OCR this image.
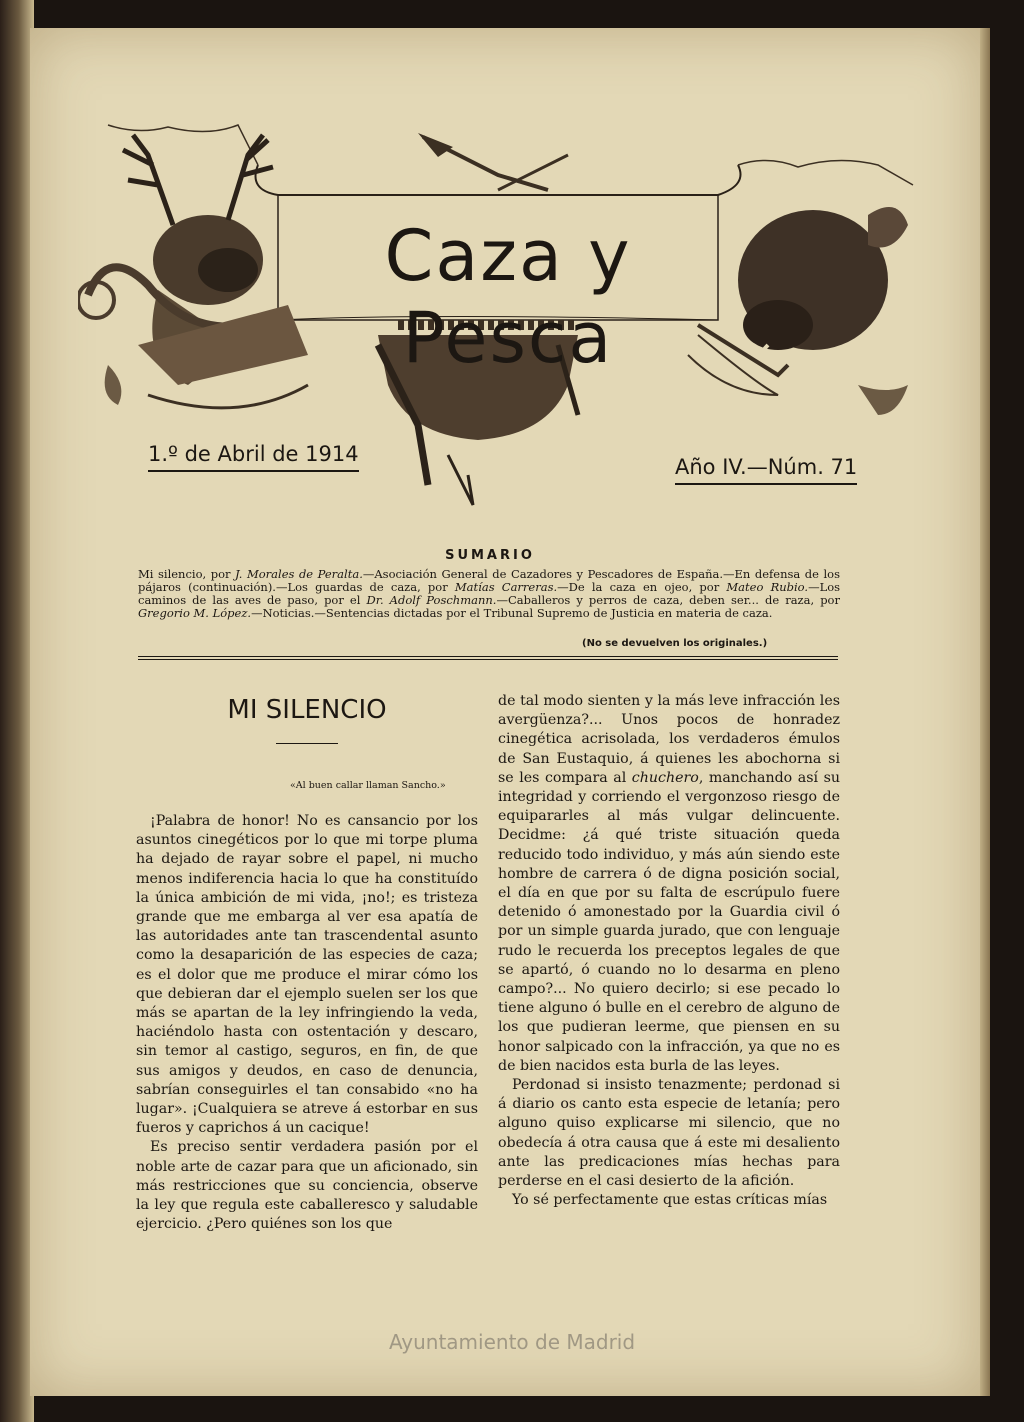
Caza y Pesca
1.º de Abril de 1914
Año IV.—Núm. 71
SUMARIO
Mi silencio, por J. Morales de Peralta.—Asociación General de Cazadores y Pescadores de España.—En defensa de los pájaros (continuación).—Los guardas de caza, por Matías Carreras.—De la caza en ojeo, por Mateo Rubio.—Los caminos de las aves de paso, por el Dr. Adolf Poschmann.—Caballeros y perros de caza, deben ser... de raza, por Gregorio M. López.—Noticias.—Sentencias dictadas por el Tribunal Supremo de Justicia en materia de caza.
(No se devuelven los originales.)
MI SILENCIO
«Al buen callar llaman Sancho.»

¡Palabra de honor! No es cansancio por los asuntos cinegéticos por lo que mi torpe pluma ha dejado de rayar sobre el papel, ni mucho menos indiferencia hacia lo que ha constituído la única ambición de mi vida, ¡no!; es tristeza grande que me embarga al ver esa apatía de las autoridades ante tan trascendental asunto como la desaparición de las especies de caza; es el dolor que me produce el mirar cómo los que debieran dar el ejemplo suelen ser los que más se apartan de la ley infringiendo la veda, haciéndolo hasta con ostentación y descaro, sin temor al castigo, seguros, en fin, de que sus amigos y deudos, en caso de denuncia, sabrían conseguirles el tan consabido «no ha lugar». ¡Cualquiera se atreve á estorbar en sus fueros y caprichos á un cacique!

Es preciso sentir verdadera pasión por el noble arte de cazar para que un aficionado, sin más restricciones que su conciencia, observe la ley que regula este caballeresco y saludable ejercicio. ¿Pero quiénes son los que

de tal modo sienten y la más leve infracción les avergüenza?... Unos pocos de honradez cinegética acrisolada, los verdaderos émulos de San Eustaquio, á quienes les abochorna si se les compara al chuchero, manchando así su integridad y corriendo el vergonzoso riesgo de equipararles al más vulgar delincuente. Decidme: ¿á qué triste situación queda reducido todo individuo, y más aún siendo este hombre de carrera ó de digna posición social, el día en que por su falta de escrúpulo fuere detenido ó amonestado por la Guardia civil ó por un simple guarda jurado, que con lenguaje rudo le recuerda los preceptos legales de que se apartó, ó cuando no lo desarma en pleno campo?... No quiero decirlo; si ese pecado lo tiene alguno ó bulle en el cerebro de alguno de los que pudieran leerme, que piensen en su honor salpicado con la infracción, ya que no es de bien nacidos esta burla de las leyes.

Perdonad si insisto tenazmente; perdonad si á diario os canto esta especie de letanía; pero alguno quiso explicarse mi silencio, que no obedecía á otra causa que á este mi desaliento ante las predicaciones mías hechas para perderse en el casi desierto de la afición.

Yo sé perfectamente que estas críticas mías

Ayuntamiento de Madrid
